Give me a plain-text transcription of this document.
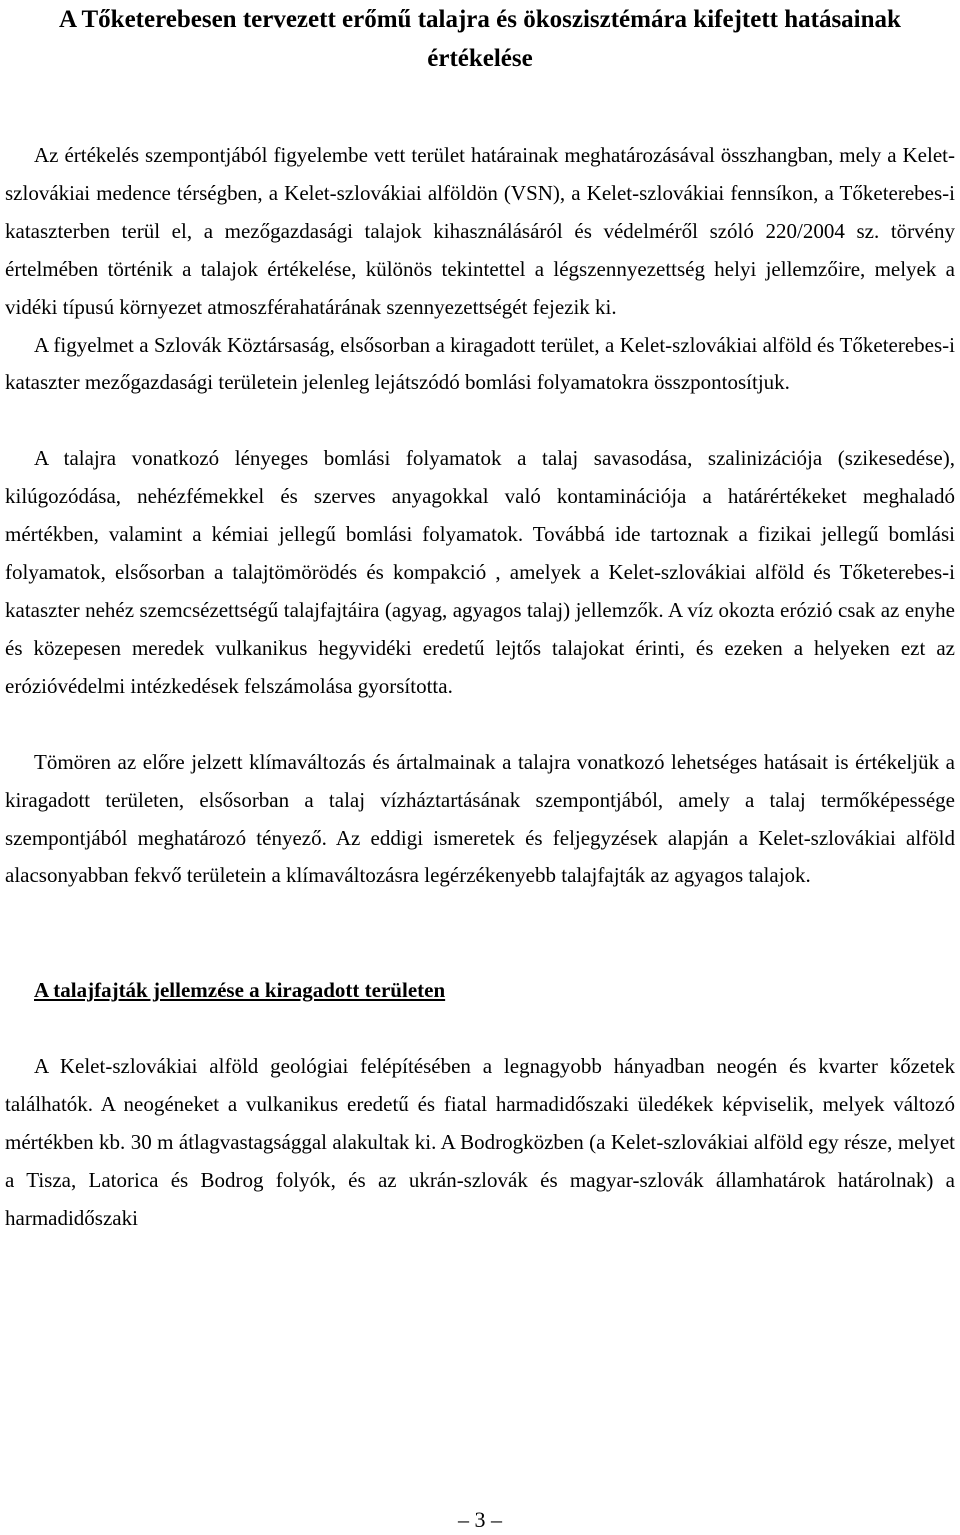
A Tőketerebesen tervezett erőmű talajra és ökoszisztémára kifejtett hatásainak értékelése

Az értékelés szempontjából figyelembe vett terület határainak meghatározásával összhangban, mely a Kelet-szlovákiai medence térségben, a Kelet-szlovákiai alföldön (VSN), a Kelet-szlovákiai fennsíkon, a Tőketerebes-i kataszterben terül el, a mezőgazdasági talajok kihasználásáról és védelméről szóló 220/2004 sz. törvény értelmében történik a talajok értékelése, különös tekintettel a légszennyezettség helyi jellemzőire, melyek a vidéki típusú környezet atmoszférahatárának szennyezettségét fejezik ki.

A figyelmet a Szlovák Köztársaság, elsősorban a kiragadott terület, a Kelet-szlovákiai alföld és Tőketerebes-i kataszter mezőgazdasági területein jelenleg lejátszódó bomlási folyamatokra összpontosítjuk.

A talajra vonatkozó lényeges bomlási folyamatok a talaj savasodása, szalinizációja (szikesedése), kilúgozódása, nehézfémekkel és szerves anyagokkal való kontaminációja a határértékeket meghaladó mértékben, valamint a kémiai jellegű bomlási folyamatok. Továbbá ide tartoznak a fizikai jellegű bomlási folyamatok, elsősorban a talajtömörödés és kompakció , amelyek a Kelet-szlovákiai alföld és Tőketerebes-i kataszter nehéz szemcsézettségű talajfajtáira (agyag, agyagos talaj) jellemzők. A víz okozta erózió csak az enyhe és közepesen meredek vulkanikus hegyvidéki eredetű lejtős talajokat érinti, és ezeken a helyeken ezt az erózióvédelmi intézkedések felszámolása gyorsította.

Tömören az előre jelzett klímaváltozás és ártalmainak a talajra vonatkozó lehetséges hatásait is értékeljük a kiragadott területen, elsősorban a talaj vízháztartásának szempontjából, amely a talaj termőképessége szempontjából meghatározó tényező. Az eddigi ismeretek és feljegyzések alapján a Kelet-szlovákiai alföld alacsonyabban fekvő területein a klímaváltozásra legérzékenyebb talajfajták az agyagos talajok.

A talajfajták jellemzése a kiragadott területen

A Kelet-szlovákiai alföld geológiai felépítésében a legnagyobb hányadban neogén és kvarter kőzetek találhatók. A neogéneket a vulkanikus eredetű és fiatal harmadidőszaki üledékek képviselik, melyek változó mértékben kb. 30 m átlagvastagsággal alakultak ki. A Bodrogközben (a Kelet-szlovákiai alföld egy része, melyet a Tisza, Latorica és Bodrog folyók, és az ukrán-szlovák és magyar-szlovák államhatárok határolnak) a harmadidőszaki

– 3 –
